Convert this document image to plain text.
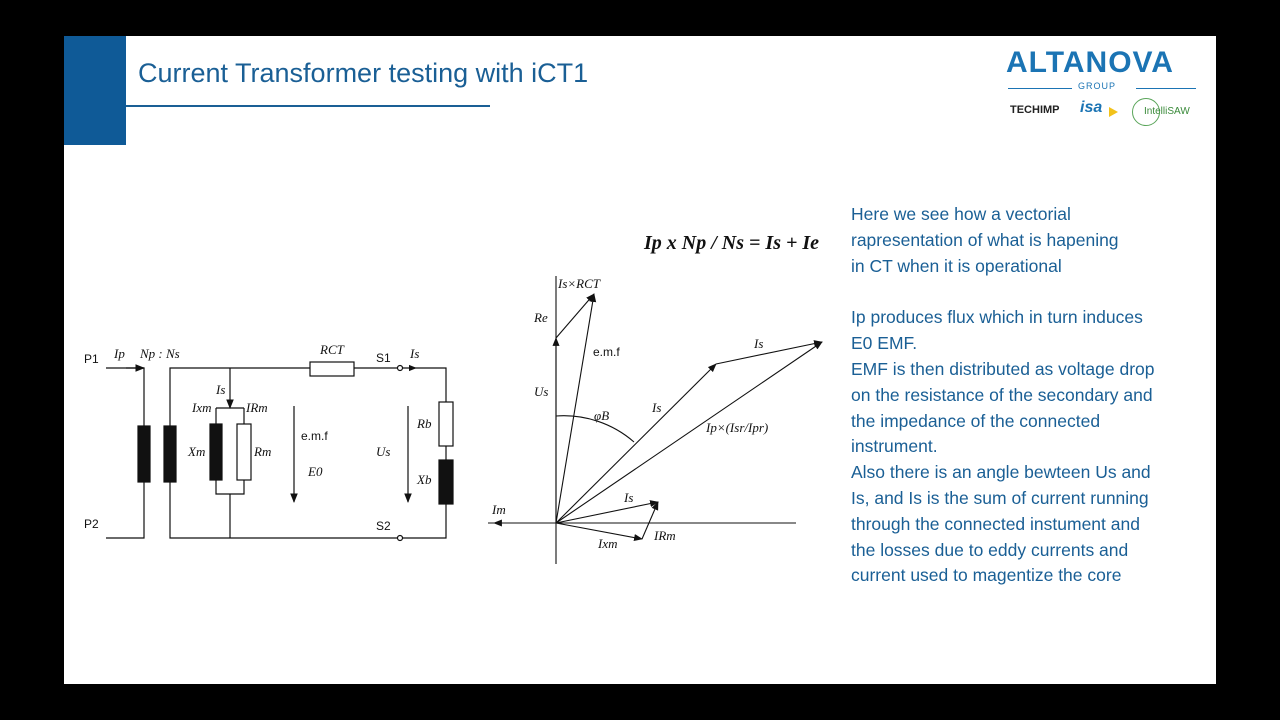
Current Transformer testing with iCT1	ALTANOVA
GROUP
TECHIMP isa	IntelliSAW
Ip x Np / Ns = Is + Ie
P1
P2
Ip Np : Ns	RCT
S1 Is
S2
Is
Ixm	IRm
Xm	Rm
e.m.f
E0
Us
Rb
Xb
Is×RCT
Re
e.m.f
Us
φB
Is
Is
Ip×(Isr/Ipr)
Im
Is
IRm
Ixm

Here we see how a vectorial

rapresentation of what is hapening

in CT when it is operational

Ip produces flux which in turn induces

E0 EMF.

EMF is then distributed as voltage drop

on the resistance of the secondary and

the impedance of the connected

instrument.

Also there is an angle bewteen Us and

Is, and Is is the sum of current running

through the connected instument and

the losses due to eddy currents and

current used to magentize the core
